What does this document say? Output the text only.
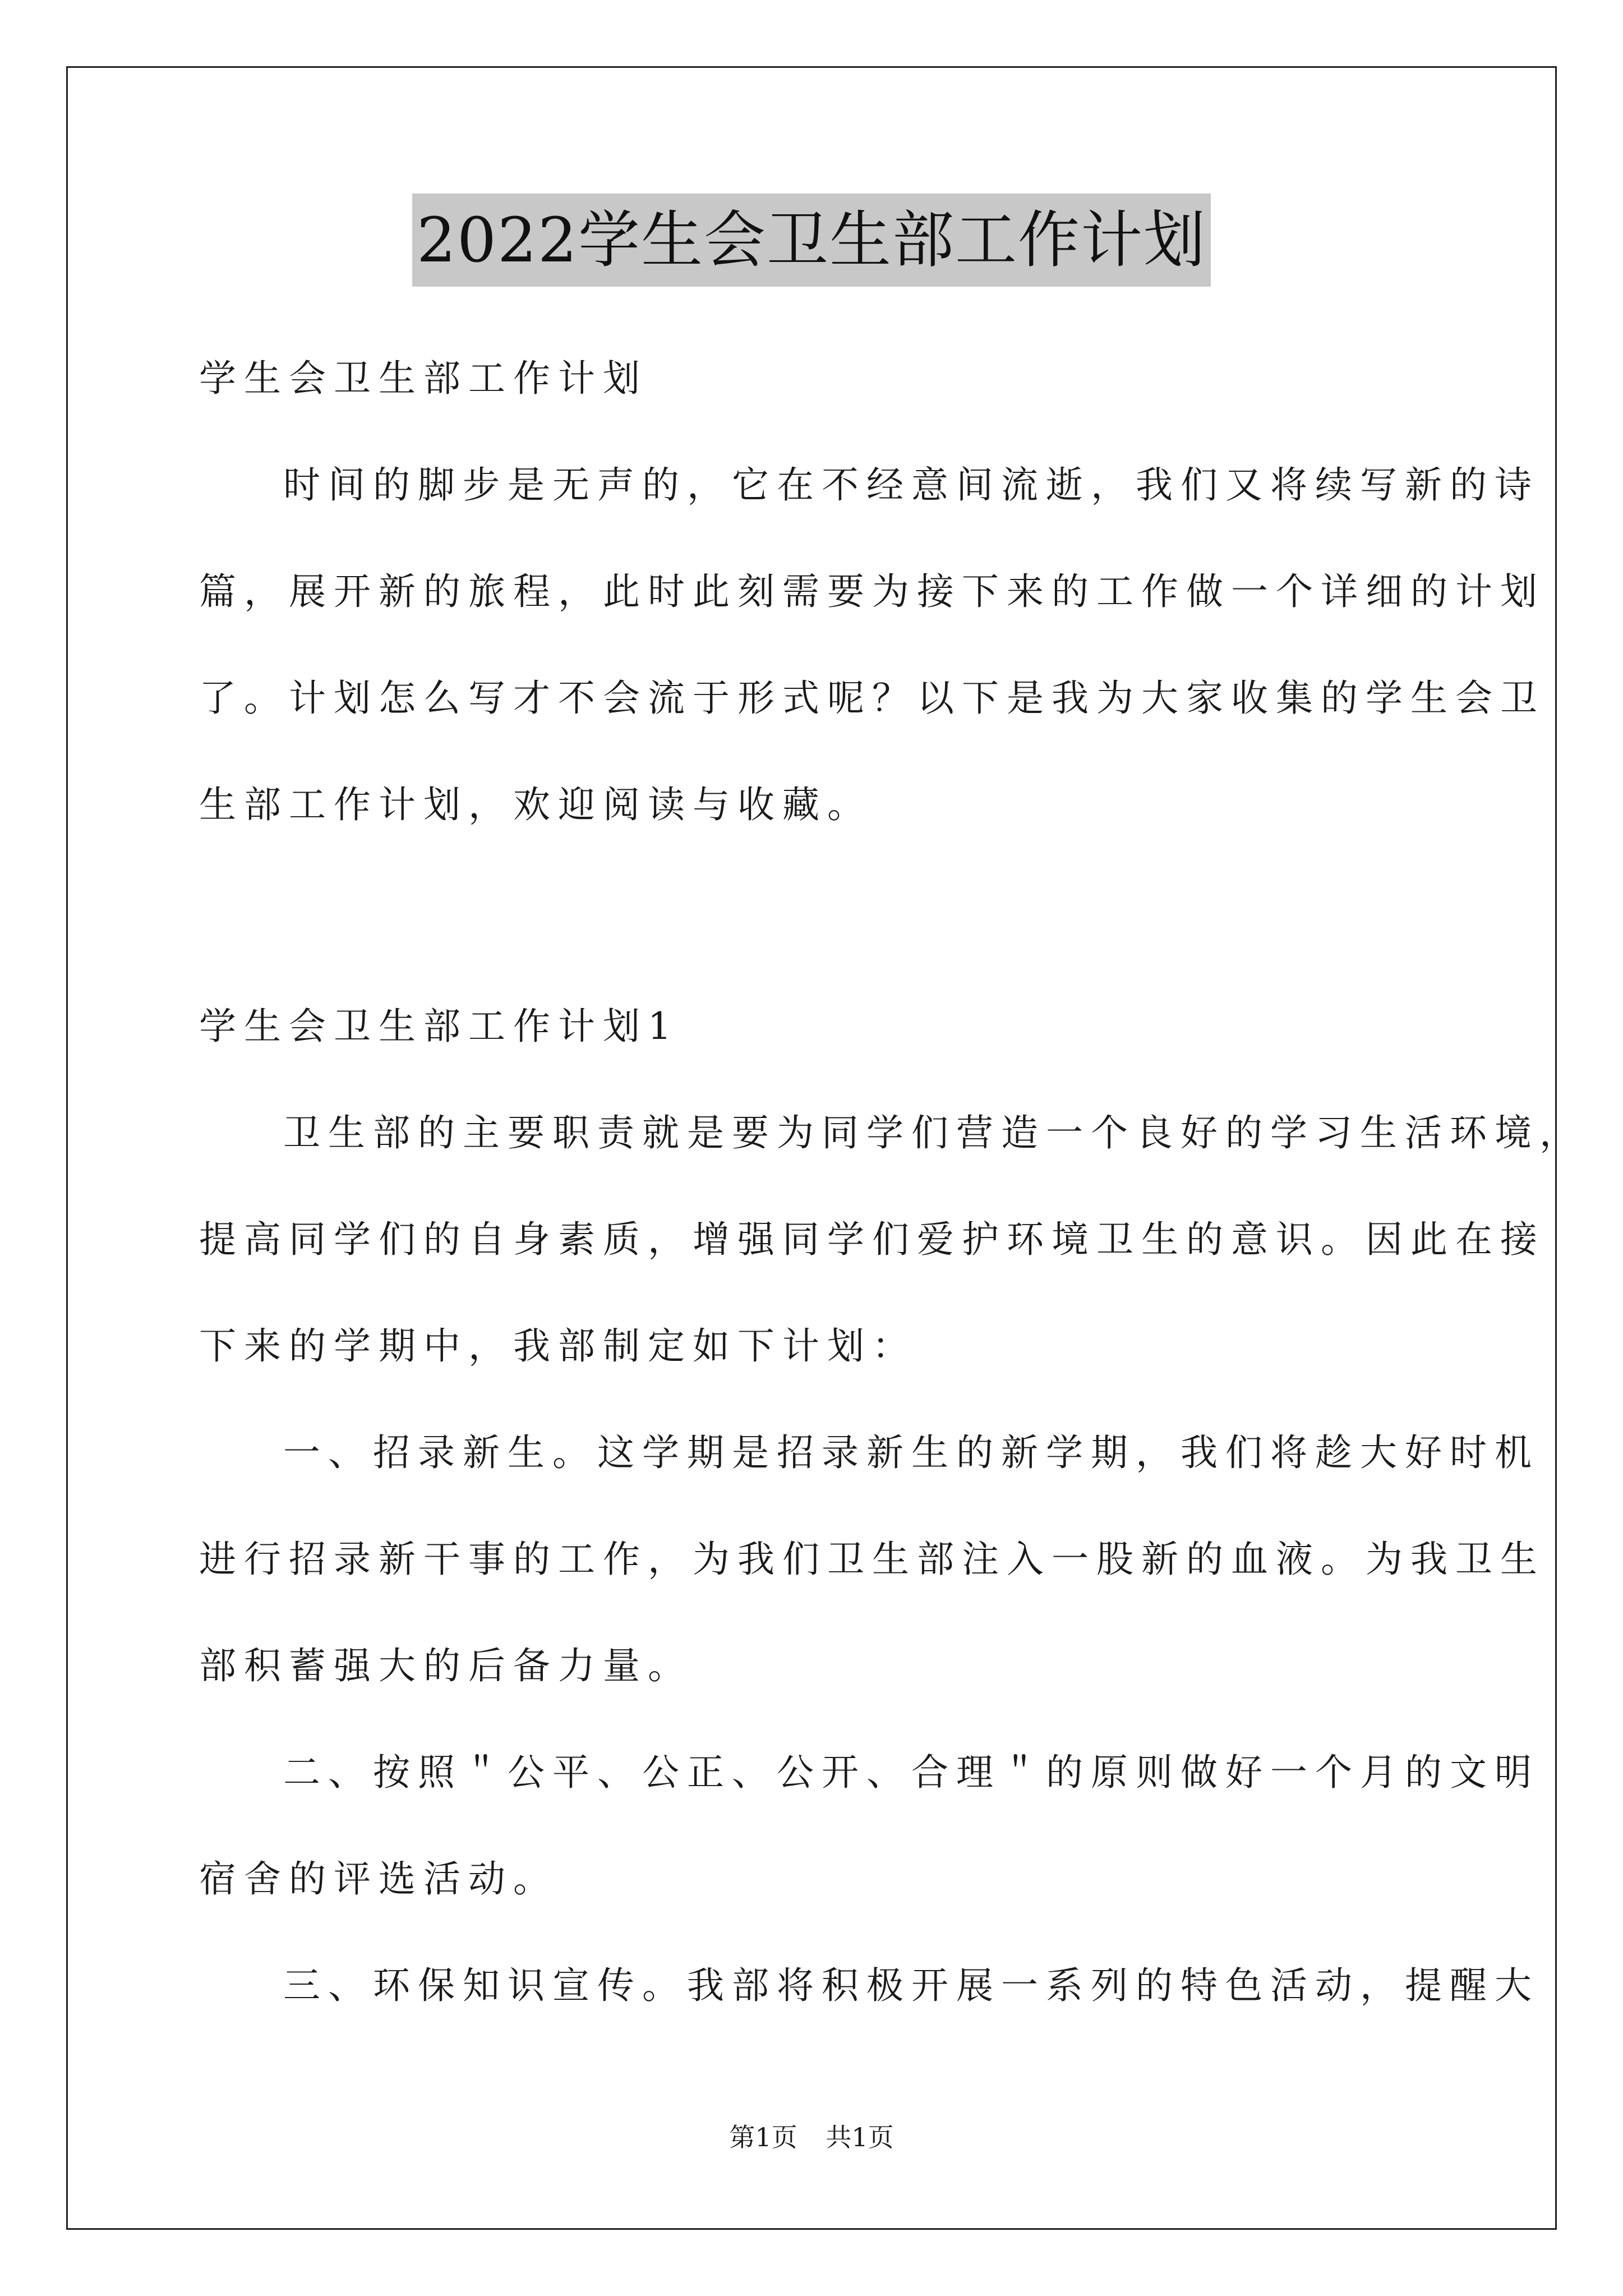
2022学生会卫生部工作计划
学生会卫生部工作计划
时间的脚步是无声的，它在不经意间流逝，我们又将续写新的诗
篇，展开新的旅程，此时此刻需要为接下来的工作做一个详细的计划
了。计划怎么写才不会流于形式呢？以下是我为大家收集的学生会卫
生部工作计划，欢迎阅读与收藏。
学生会卫生部工作计划1
卫生部的主要职责就是要为同学们营造一个良好的学习生活环境，
提高同学们的自身素质，增强同学们爱护环境卫生的意识。因此在接
下来的学期中，我部制定如下计划：
一、招录新生。这学期是招录新生的新学期，我们将趁大好时机
进行招录新干事的工作，为我们卫生部注入一股新的血液。为我卫生
部积蓄强大的后备力量。
二、按照＂公平、公正、公开、合理＂的原则做好一个月的文明
宿舍的评选活动。
三、环保知识宣传。我部将积极开展一系列的特色活动，提醒大
第1页 共1页
